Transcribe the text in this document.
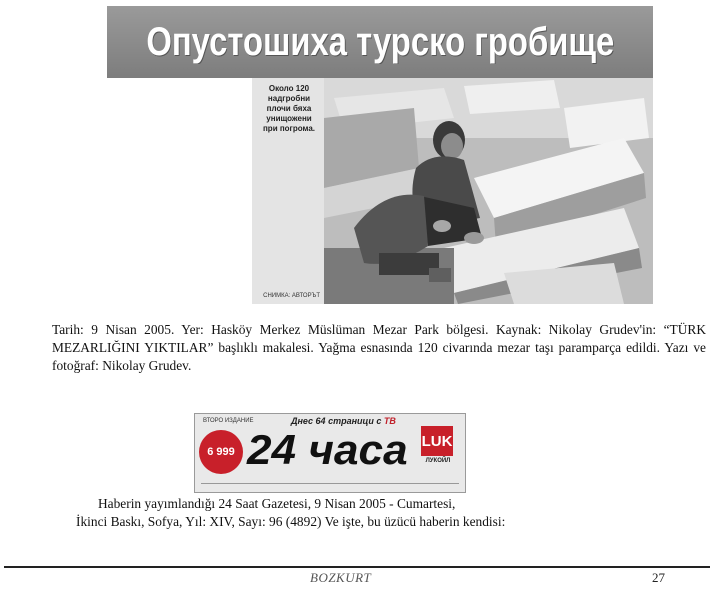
Опустошиха турско гробище
Около 120 надгробни плочи бяха унищожени при погрома.
СНИМКА: АВТОРЪТ

Tarih: 9 Nisan 2005. Yer: Hasköy Merkez Müslüman Mezar Park bölgesi. Kaynak: Nikolay Grudev'in: “TÜRK MEZARLIĞINI YIKTILAR” başlıklı makalesi. Yağma esnasında 120 civarında mezar taşı paramparça edildi. Yazı ve fotoğraf: Nikolay Grudev.

ВТОРО ИЗДАНИЕ	Днес 64 страници с ТВ
6 999 24 часа LUK
ЛУКОЙЛ

Haberin yayımlandığı 24 Saat Gazetesi, 9 Nisan 2005 - Cumartesi,

İkinci Baskı, Sofya, Yıl: XIV, Sayı: 96 (4892) Ve işte, bu üzücü haberin kendisi:

BOZKURT	27
